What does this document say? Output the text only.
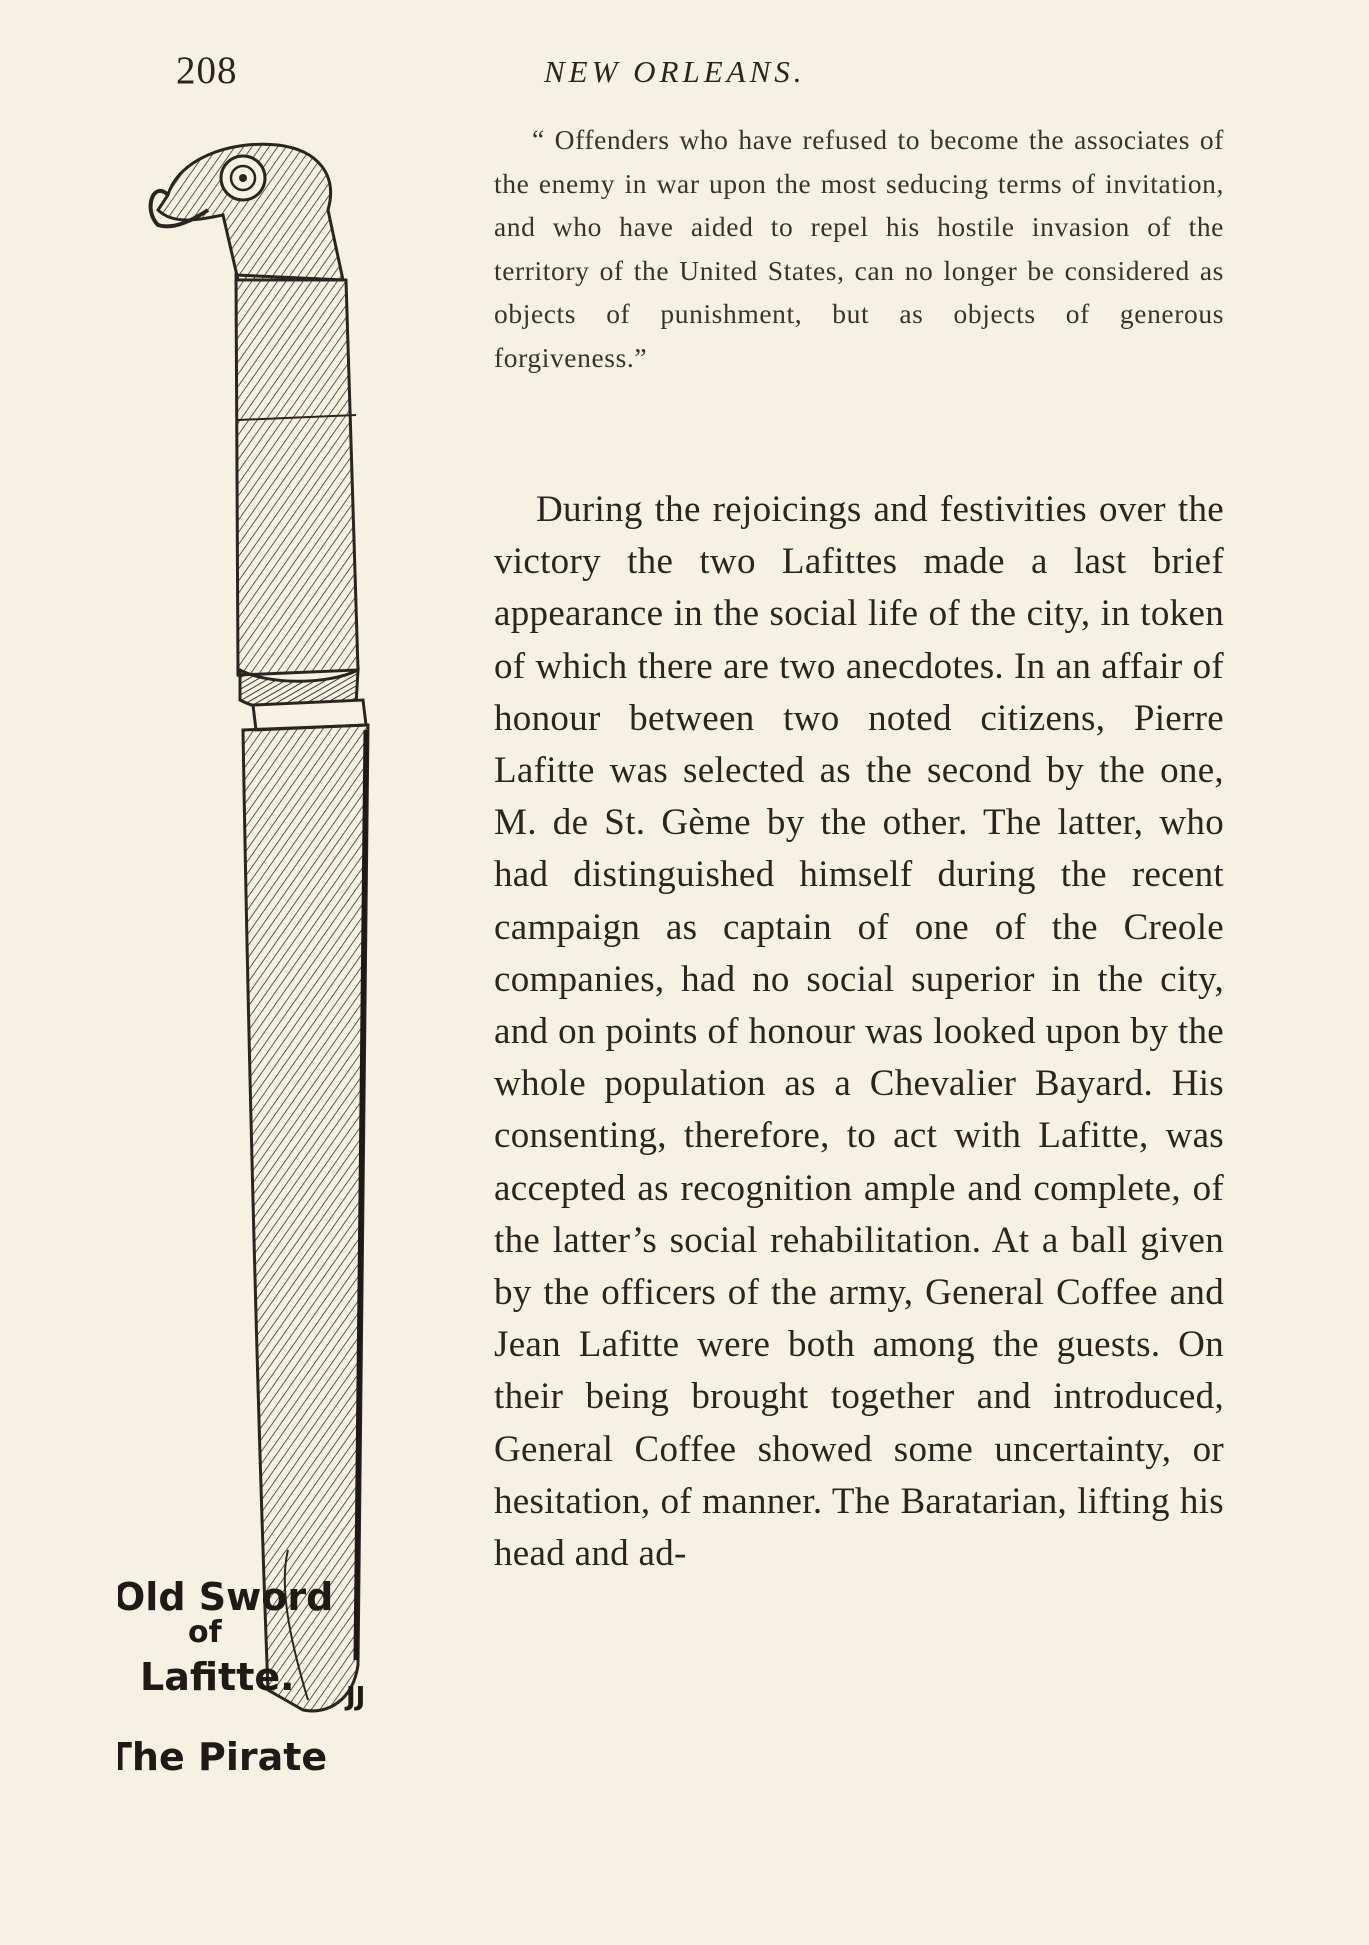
208	NEW ORLEANS.
Old Sword
of
Lafitte.
The Pirate
JJ

“ Offenders who have refused to become the associates of the enemy in war upon the most seducing terms of invitation, and who have aided to repel his hostile invasion of the territory of the United States, can no longer be considered as objects of punishment, but as objects of generous forgiveness.”

During the rejoicings and festivities over the victory the two Lafittes made a last brief appearance in the social life of the city, in token of which there are two anecdotes. In an affair of honour between two noted citizens, Pierre Lafitte was selected as the second by the one, M. de St. Gème by the other. The latter, who had distinguished himself during the recent campaign as captain of one of the Creole companies, had no social superior in the city, and on points of honour was looked upon by the whole population as a Chevalier Bayard. His consenting, therefore, to act with Lafitte, was accepted as recognition ample and complete, of the latter’s social rehabilitation. At a ball given by the officers of the army, General Coffee and Jean Lafitte were both among the guests. On their being brought together and introduced, General Coffee showed some uncertainty, or hesitation, of manner. The Baratarian, lifting his head and ad-
